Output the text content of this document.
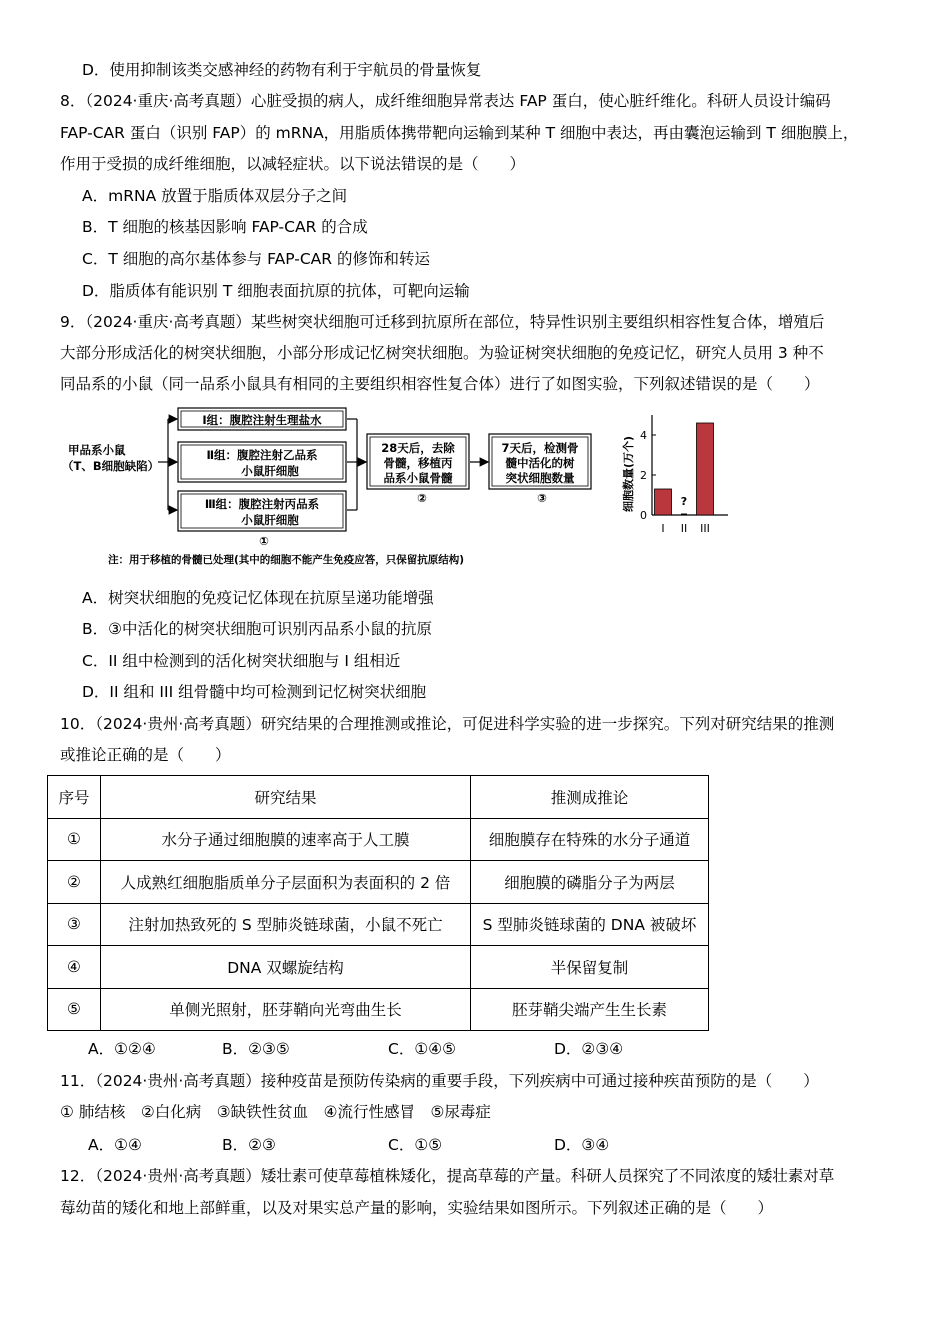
D．使用抑制该类交感神经的药物有利于宇航员的骨量恢复
8．（2024·重庆·高考真题）心脏受损的病人，成纤维细胞异常表达 FAP 蛋白，使心脏纤维化。科研人员设计编码
FAP-CAR 蛋白（识别 FAP）的 mRNA，用脂质体携带靶向运输到某种 T 细胞中表达，再由囊泡运输到 T 细胞膜上，
作用于受损的成纤维细胞，以减轻症状。以下说法错误的是（　　）
A．mRNA 放置于脂质体双层分子之间
B．T 细胞的核基因影响 FAP-CAR 的合成
C．T 细胞的高尔基体参与 FAP-CAR 的修饰和转运
D．脂质体有能识别 T 细胞表面抗原的抗体，可靶向运输
9．（2024·重庆·高考真题）某些树突状细胞可迁移到抗原所在部位，特异性识别主要组织相容性复合体，增殖后
大部分形成活化的树突状细胞，小部分形成记忆树突状细胞。为验证树突状细胞的免疫记忆，研究人员用 3 种不
同品系的小鼠（同一品系小鼠具有相同的主要组织相容性复合体）进行了如图实验，下列叙述错误的是（　　）
甲品系小鼠
（T、B细胞缺陷）
Ⅰ组：腹腔注射生理盐水
Ⅱ组：腹腔注射乙品系
小鼠肝细胞
Ⅲ组：腹腔注射丙品系
小鼠肝细胞
①
28天后，去除
骨髓，移植丙
品系小鼠骨髓
②
7天后，检测骨
髓中活化的树
突状细胞数量
③
注：用于移植的骨髓已处理(其中的细胞不能产生免疫应答，只保留抗原结构)
细胞数量(万个)
0
2
4
I
?
II III
A．树突状细胞的免疫记忆体现在抗原呈递功能增强
B．③中活化的树突状细胞可识别丙品系小鼠的抗原
C．II 组中检测到的活化树突状细胞与 I 组相近
D．II 组和 III 组骨髓中均可检测到记忆树突状细胞
10．（2024·贵州·高考真题）研究结果的合理推测或推论，可促进科学实验的进一步探究。下列对研究结果的推测
或推论正确的是（　　）
序号	研究结果	推测成推论
①	水分子通过细胞膜的速率高于人工膜	细胞膜存在特殊的水分子通道
②	人成熟红细胞脂质单分子层面积为表面积的 2 倍	细胞膜的磷脂分子为两层
③	注射加热致死的 S 型肺炎链球菌，小鼠不死亡	S 型肺炎链球菌的 DNA 被破坏
④	DNA 双螺旋结构	半保留复制
⑤	单侧光照射，胚芽鞘向光弯曲生长	胚芽鞘尖端产生生长素
A．①②④	B．②③⑤	C．①④⑤	D．②③④
11．（2024·贵州·高考真题）接种疫苗是预防传染病的重要手段，下列疾病中可通过接种疾苗预防的是（　　）
① 肺结核　②白化病　③缺铁性贫血　④流行性感冒　⑤尿毒症
A．①④	B．②③	C．①⑤	D．③④
12．（2024·贵州·高考真题）矮壮素可使草莓植株矮化，提高草莓的产量。科研人员探究了不同浓度的矮壮素对草
莓幼苗的矮化和地上部鲜重，以及对果实总产量的影响，实验结果如图所示。下列叙述正确的是（　　）
